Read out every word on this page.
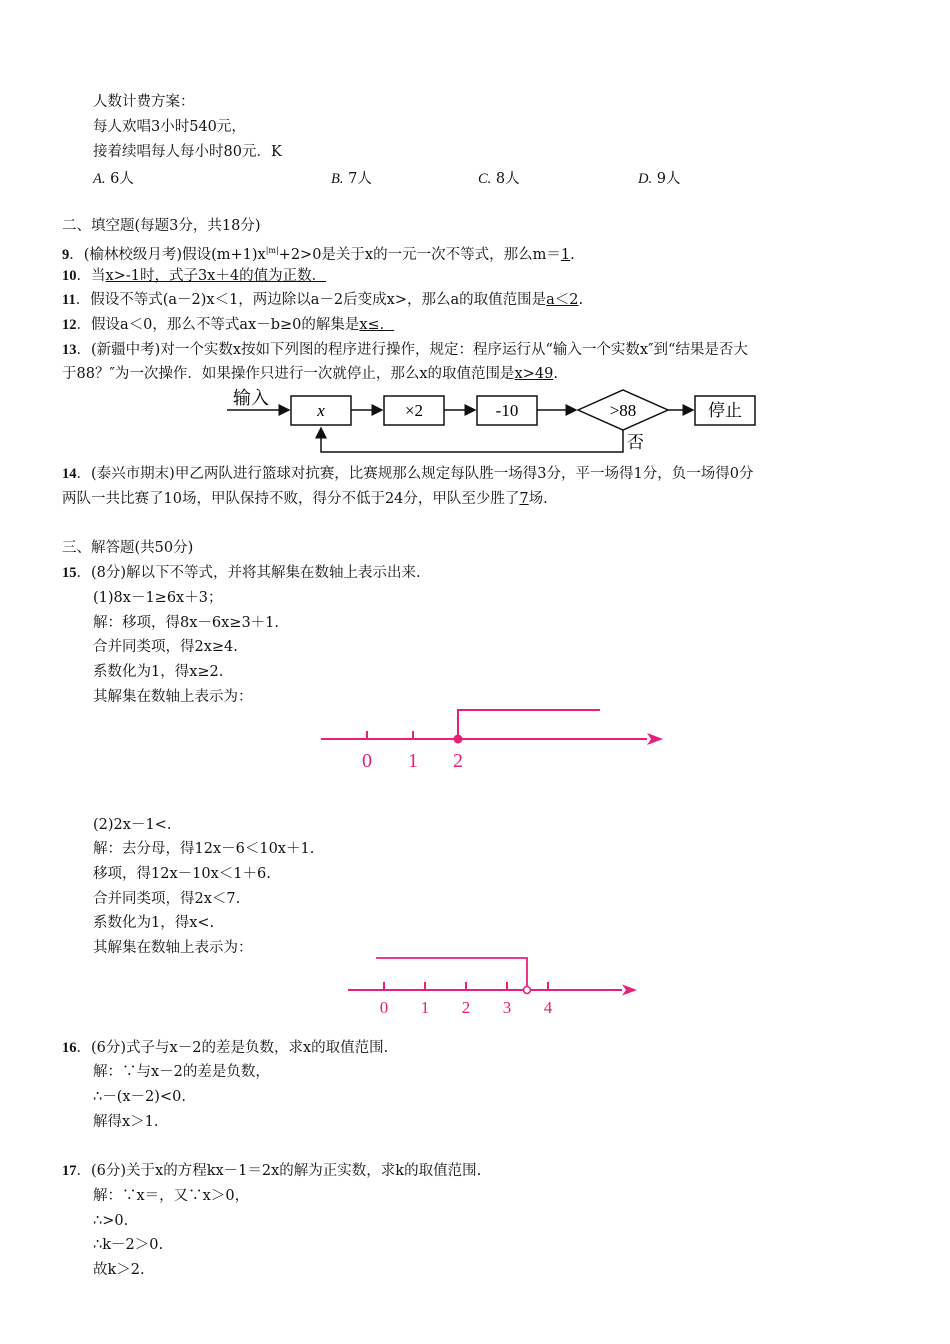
人数计费方案：
每人欢唱3小时540元，
接着续唱每人每小时80元．K
A. 6人	B. 7人	C. 8人	D. 9人
二、填空题(每题3分，共18分)
9．(榆林校级月考)假设$(m+1)x^{|m|}+2>0$是关于x的一元一次不等式，那么m＝1.
10．当x>-1时，式子3x＋4的值为正数．
11．假设不等式(a－2)x＜1，两边除以a－2后变成x>，那么a的取值范围是a＜2.
12．假设a＜0，那么不等式ax－b≥0的解集是x≤．
13．(新疆中考)对一个实数x按如下列图的程序进行操作，规定：程序运行从“输入一个实数x″到“结果是否大
于88？″为一次操作．如果操作只进行一次就停止，那么x的取值范围是x>49.
输入
x	×2	-10	>88	停止
否
14．(泰兴市期末)甲乙两队进行篮球对抗赛，比赛规那么规定每队胜一场得3分，平一场得1分，负一场得0分
两队一共比赛了10场，甲队保持不败，得分不低于24分，甲队至少胜了7场.
三、解答题(共50分)
15．(8分)解以下不等式，并将其解集在数轴上表示出来.
(1)8x－1≥6x＋3；
解：移项，得8x－6x≥3＋1.
合并同类项，得2x≥4.
系数化为1，得x≥2.
其解集在数轴上表示为：
0 1 2
(2)2x－1<.
解：去分母，得12x－6＜10x＋1.
移项，得12x－10x＜1＋6.
合并同类项，得2x＜7.
系数化为1，得x<.
其解集在数轴上表示为：
0 1 2 3 4
16．(6分)式子与x－2的差是负数，求x的取值范围.
解：∵与x－2的差是负数，
∴－(x－2)<0.
解得x＞1.
17．(6分)关于x的方程kx－1＝2x的解为正实数，求k的取值范围.
解：∵x＝，又∵x＞0，
∴>0.
∴k－2＞0.
故k＞2.
